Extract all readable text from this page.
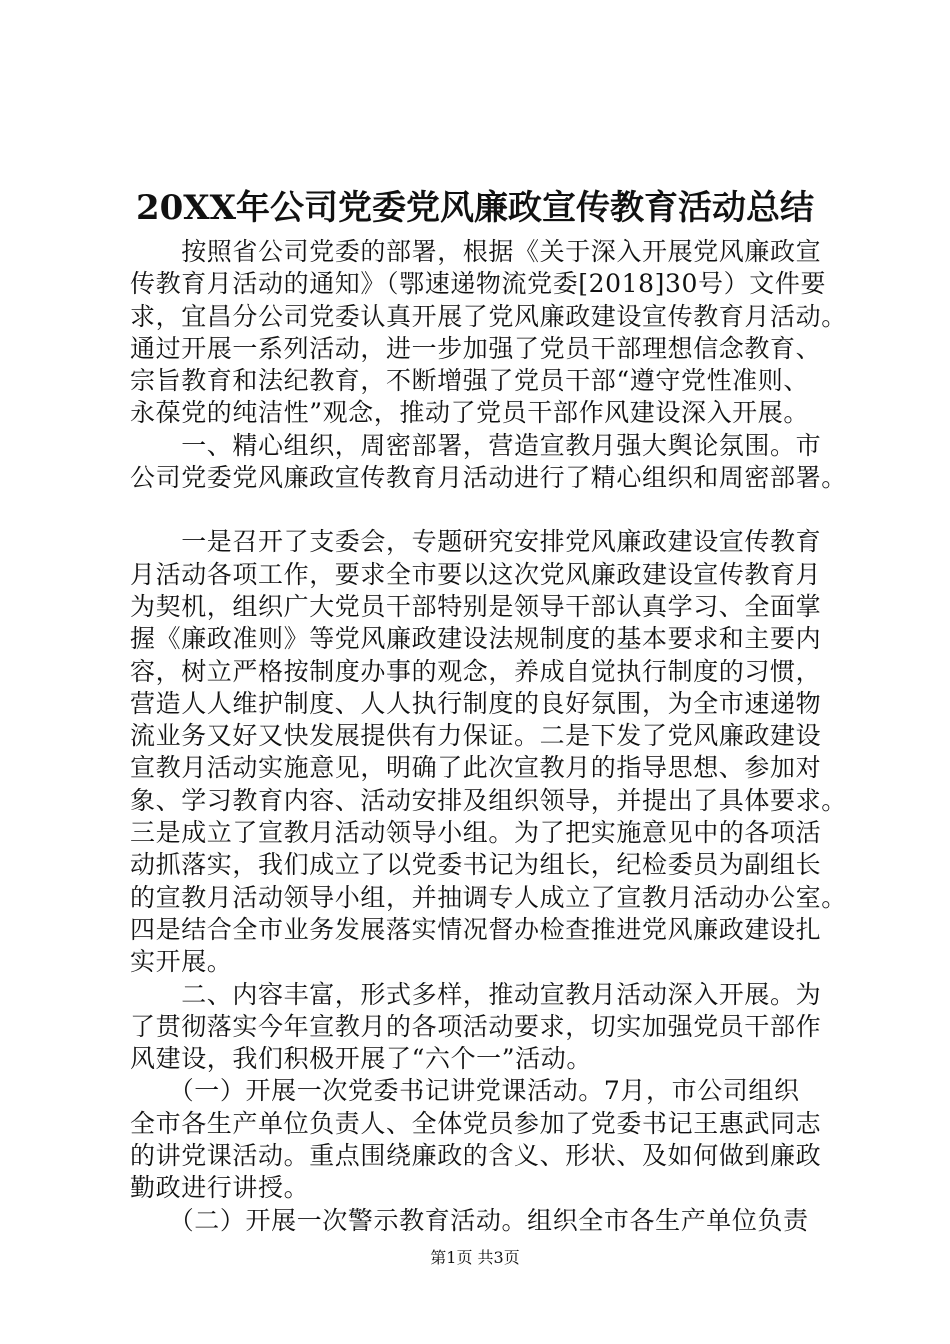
20XX年公司党委党风廉政宣传教育活动总结
　　按照省公司党委的部署，根据《关于深入开展党风廉政宣
传教育月活动的通知》（鄂速递物流党委[2018]30号）文件要
求，宜昌分公司党委认真开展了党风廉政建设宣传教育月活动。
通过开展一系列活动，进一步加强了党员干部理想信念教育、
宗旨教育和法纪教育，不断增强了党员干部“遵守党性准则、
永葆党的纯洁性”观念，推动了党员干部作风建设深入开展。
　　一、精心组织，周密部署，营造宣教月强大舆论氛围。市
公司党委党风廉政宣传教育月活动进行了精心组织和周密部署。
　　一是召开了支委会，专题研究安排党风廉政建设宣传教育
月活动各项工作，要求全市要以这次党风廉政建设宣传教育月
为契机，组织广大党员干部特别是领导干部认真学习、全面掌
握《廉政准则》等党风廉政建设法规制度的基本要求和主要内
容，树立严格按制度办事的观念，养成自觉执行制度的习惯，
营造人人维护制度、人人执行制度的良好氛围，为全市速递物
流业务又好又快发展提供有力保证。二是下发了党风廉政建设
宣教月活动实施意见，明确了此次宣教月的指导思想、参加对
象、学习教育内容、活动安排及组织领导，并提出了具体要求。
三是成立了宣教月活动领导小组。为了把实施意见中的各项活
动抓落实，我们成立了以党委书记为组长，纪检委员为副组长
的宣教月活动领导小组，并抽调专人成立了宣教月活动办公室。
四是结合全市业务发展落实情况督办检查推进党风廉政建设扎
实开展。
　　二、内容丰富，形式多样，推动宣教月活动深入开展。为
了贯彻落实今年宣教月的各项活动要求，切实加强党员干部作
风建设，我们积极开展了“六个一”活动。
　　（一）开展一次党委书记讲党课活动。7月，市公司组织
全市各生产单位负责人、全体党员参加了党委书记王惠武同志
的讲党课活动。重点围绕廉政的含义、形状、及如何做到廉政
勤政进行讲授。
　　（二）开展一次警示教育活动。组织全市各生产单位负责
第1页 共3页
